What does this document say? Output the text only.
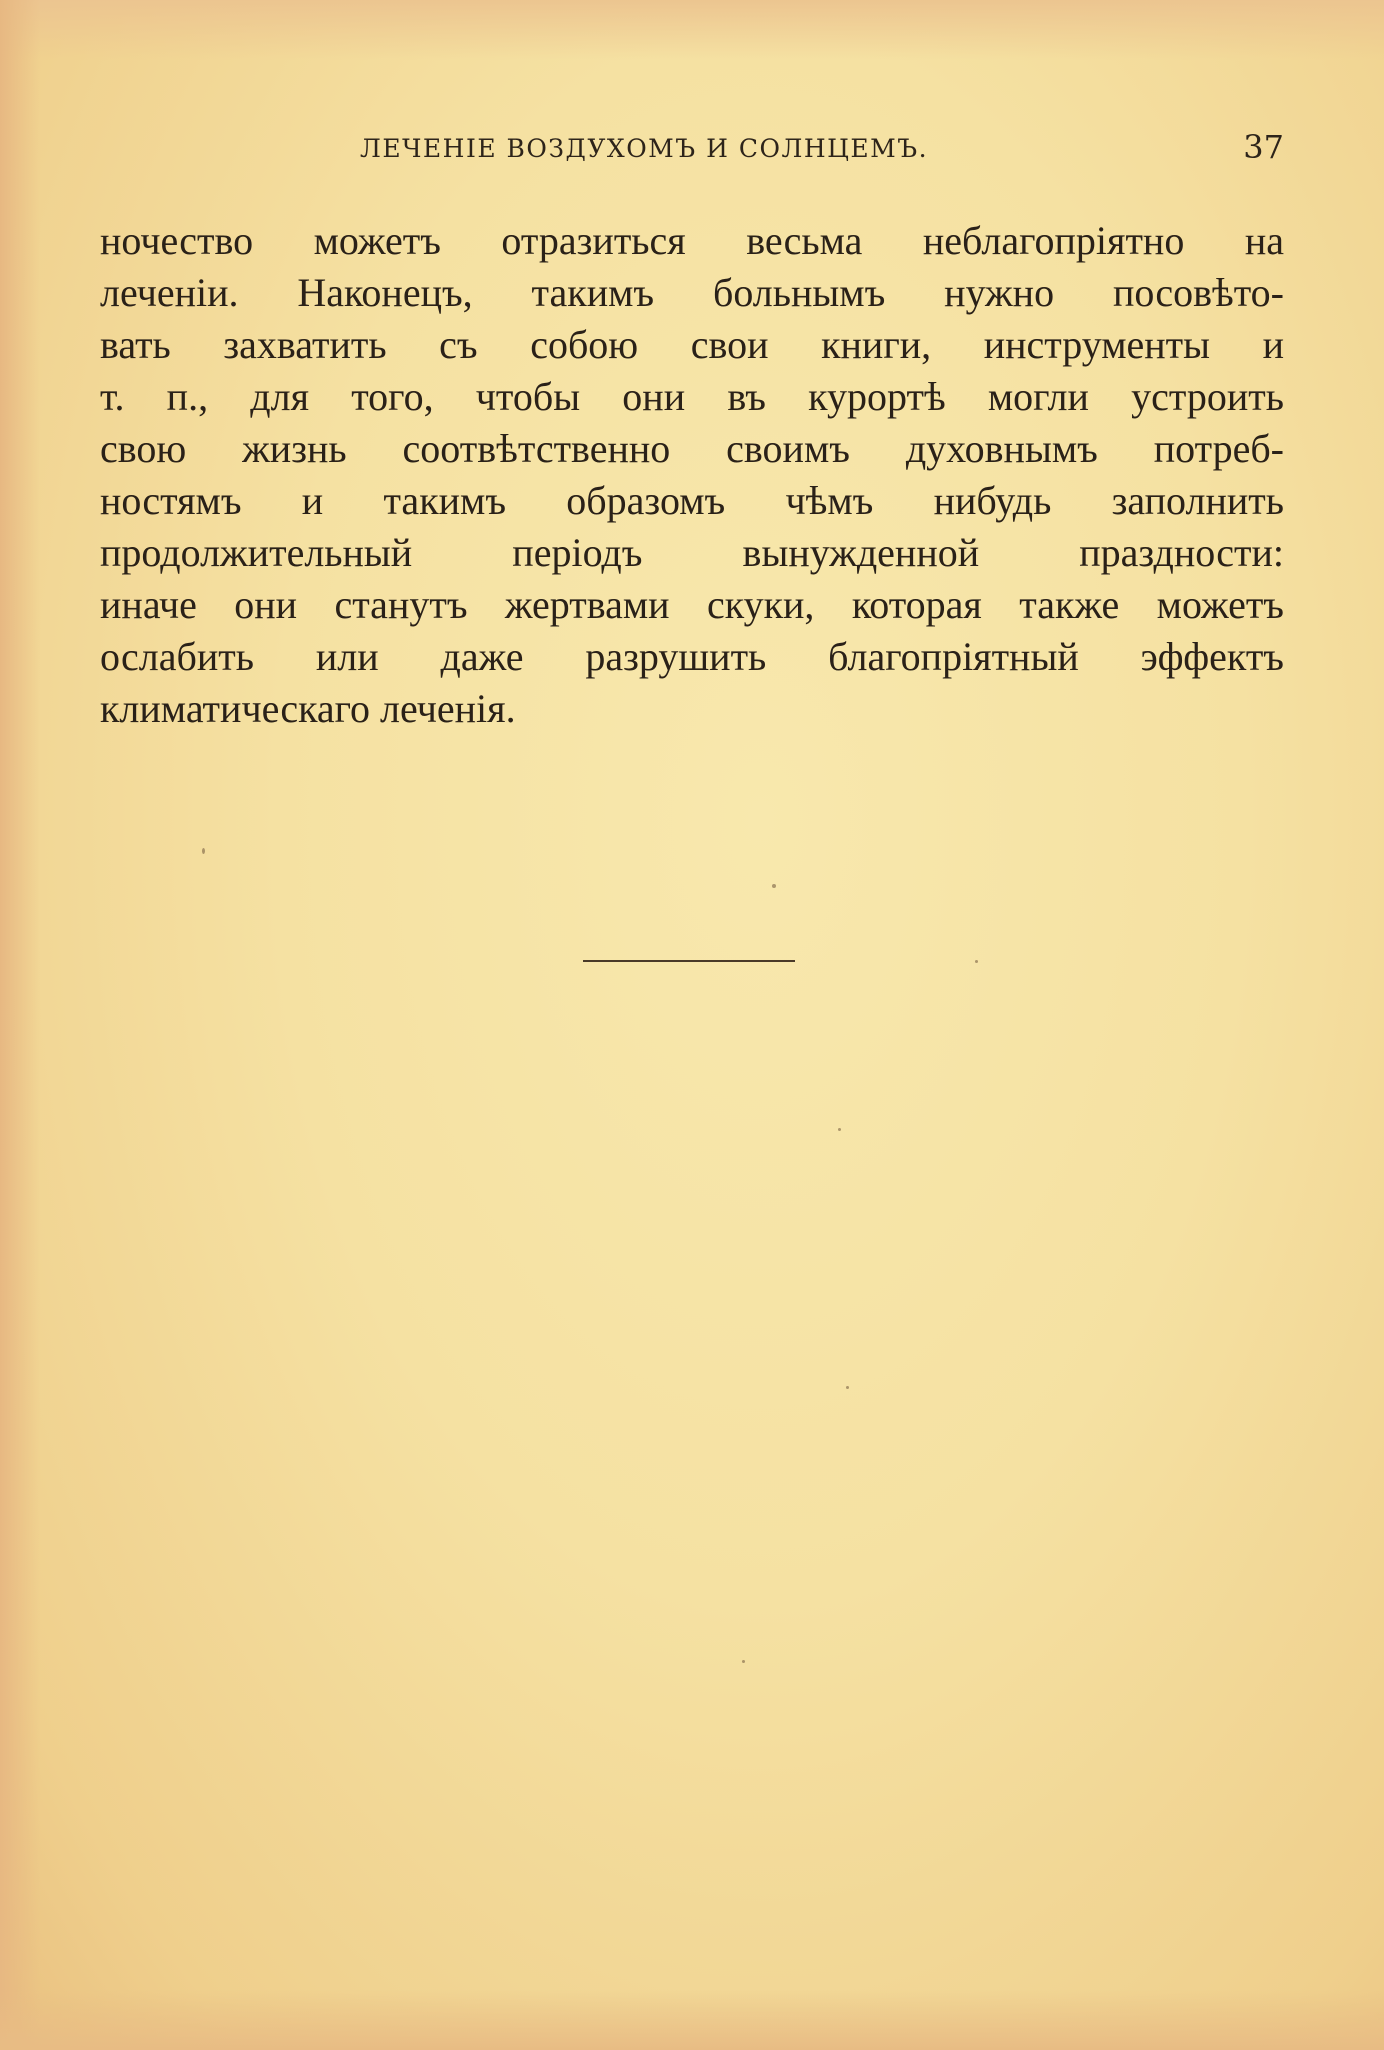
ЛЕЧЕНІЕ ВОЗДУХОМЪ И СОЛНЦЕМЪ.	37
ночество можетъ отразиться весьма неблагопріятно на
леченіи. Наконецъ, такимъ больнымъ нужно посовѣто-
вать захватить съ собою свои книги, инструменты и
т. п., для того, чтобы они въ курортѣ могли устроить
свою жизнь соотвѣтственно своимъ духовнымъ потреб-
ностямъ и такимъ образомъ чѣмъ нибудь заполнить
продолжительный періодъ вынужденной праздности:
иначе они станутъ жертвами скуки, которая также можетъ
ослабить или даже разрушить благопріятный эффектъ
климатическаго леченія.
